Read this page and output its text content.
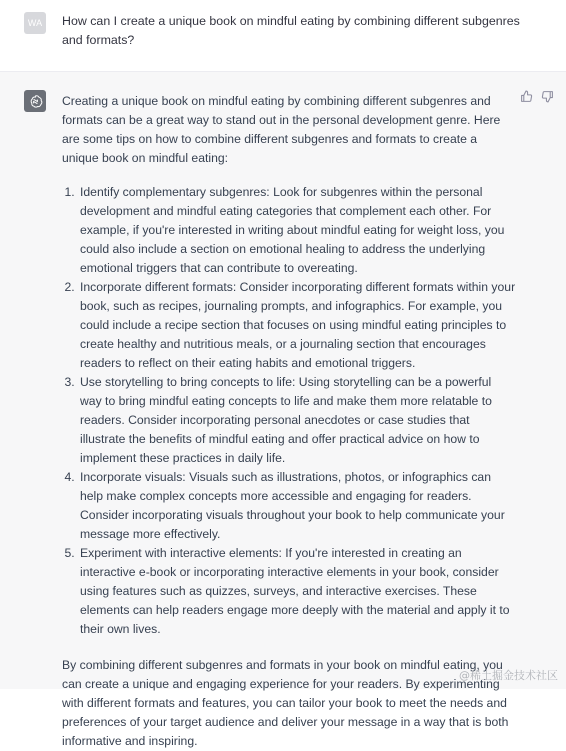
WA	How can I create a unique book on mindful eating by combining different subgenres and formats?

Creating a unique book on mindful eating by combining different subgenres and formats can be a great way to stand out in the personal development genre. Here are some tips on how to combine different subgenres and formats to create a unique book on mindful eating:

1. Identify complementary subgenres: Look for subgenres within the personal development and mindful eating categories that complement each other. For example, if you're interested in writing about mindful eating for weight loss, you could also include a section on emotional healing to address the underlying emotional triggers that can contribute to overeating.
2. Incorporate different formats: Consider incorporating different formats within your book, such as recipes, journaling prompts, and infographics. For example, you could include a recipe section that focuses on using mindful eating principles to create healthy and nutritious meals, or a journaling section that encourages readers to reflect on their eating habits and emotional triggers.
3. Use storytelling to bring concepts to life: Using storytelling can be a powerful way to bring mindful eating concepts to life and make them more relatable to readers. Consider incorporating personal anecdotes or case studies that illustrate the benefits of mindful eating and offer practical advice on how to implement these practices in daily life.
4. Incorporate visuals: Visuals such as illustrations, photos, or infographics can help make complex concepts more accessible and engaging for readers. Consider incorporating visuals throughout your book to help communicate your message more effectively.
5. Experiment with interactive elements: If you're interested in creating an interactive e-book or incorporating interactive elements in your book, consider using features such as quizzes, surveys, and interactive exercises. These elements can help readers engage more deeply with the material and apply it to their own lives.

By combining different subgenres and formats in your book on mindful eating, you can create a unique and engaging experience for your readers. By experimenting with different formats and features, you can tailor your book to meet the needs and preferences of your target audience and deliver your message in a way that is both informative and inspiring.

@稀土掘金技术社区
